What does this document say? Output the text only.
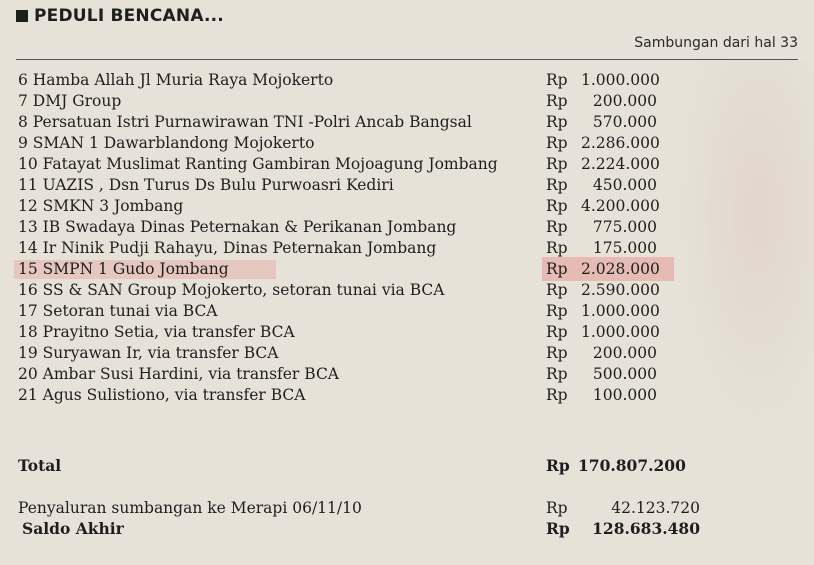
PEDULI BENCANA...
Sambungan dari hal 33
6 Hamba Allah Jl Muria Raya Mojokerto	Rp 1.000.000
7 DMJ Group	Rp	200.000
8 Persatuan Istri Purnawirawan TNI -Polri Ancab Bangsal	Rp	570.000
9 SMAN 1 Dawarblandong Mojokerto	Rp 2.286.000
10 Fatayat Muslimat Ranting Gambiran Mojoagung Jombang	Rp 2.224.000
11 UAZIS , Dsn Turus Ds Bulu Purwoasri Kediri	Rp	450.000
12 SMKN 3 Jombang	Rp 4.200.000
13 IB Swadaya Dinas Peternakan & Perikanan Jombang	Rp	775.000
14 Ir Ninik Pudji Rahayu, Dinas Peternakan Jombang	Rp	175.000
15 SMPN 1 Gudo Jombang	Rp 2.028.000
16 SS & SAN Group Mojokerto, setoran tunai via BCA	Rp 2.590.000
17 Setoran tunai via BCA	Rp 1.000.000
18 Prayitno Setia, via transfer BCA	Rp 1.000.000
19 Suryawan Ir, via transfer BCA	Rp	200.000
20 Ambar Susi Hardini, via transfer BCA	Rp	500.000
21 Agus Sulistiono, via transfer BCA	Rp	100.000
Total	Rp 170.807.200
Penyaluran sumbangan ke Merapi 06/11/10	Rp	42.123.720
Saldo Akhir	Rp	128.683.480
